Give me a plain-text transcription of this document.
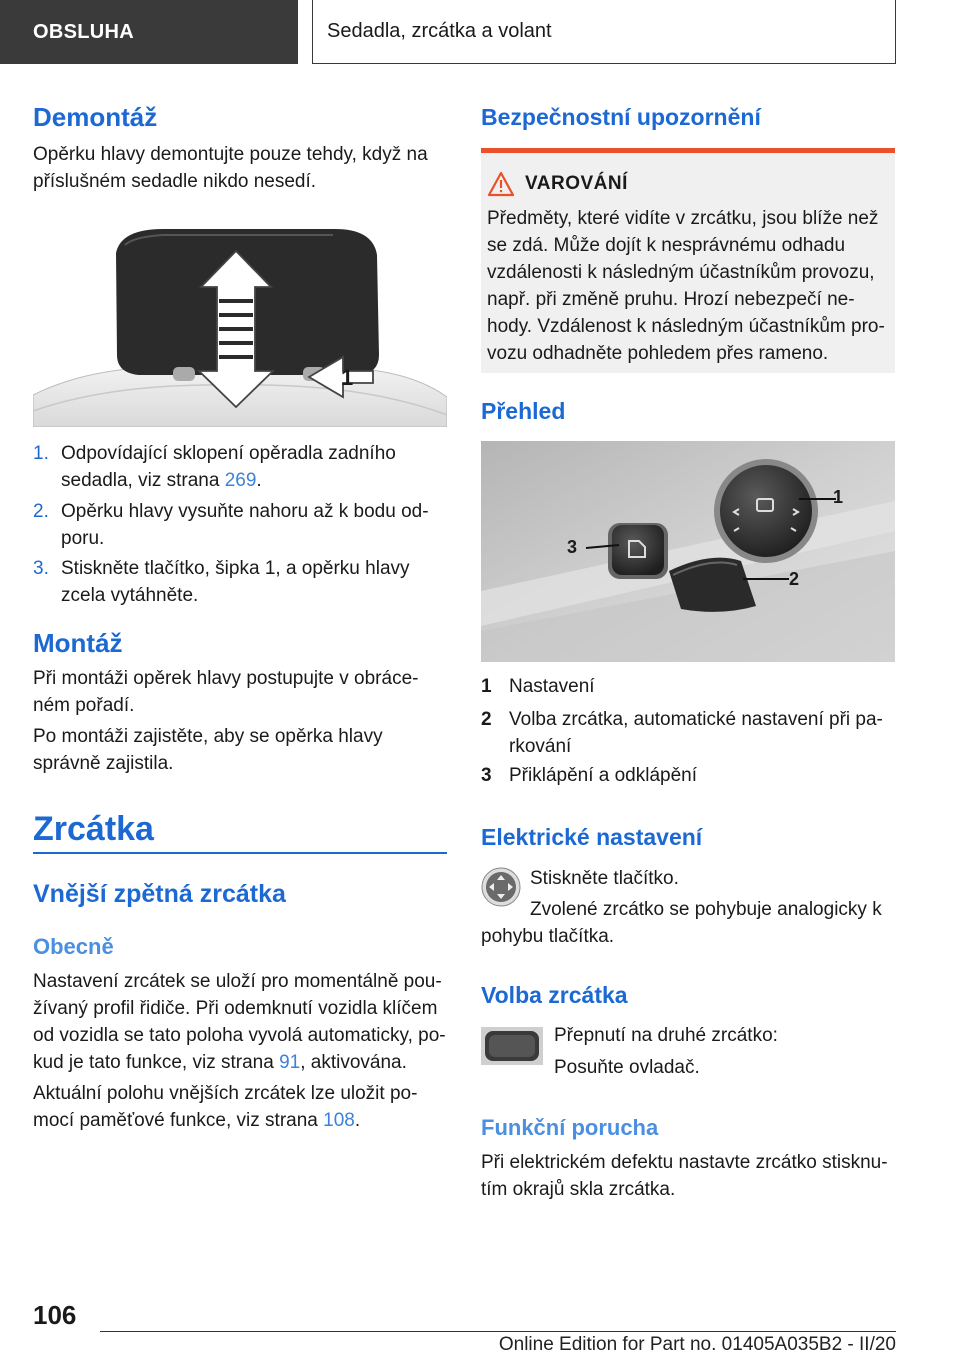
OBSLUHA	Sedadla, zrcátka a volant
Demontáž

Opěrku hlavy demontujte pouze tehdy, když na příslušném sedadle nikdo nesedí.

1
1. Odpovídající sklopení opěradla zadního sedadla, viz strana 269.
2. Opěrku hlavy vysuňte nahoru až k bodu odporu.
3. Stiskněte tlačítko, šipka 1, a opěrku hlavy zcela vytáhněte.
Montáž

Při montáži opěrek hlavy postupujte v obráceném pořadí.

Po montáži zajistěte, aby se opěrka hlavy správně zajistila.

Zrcátka
Vnější zpětná zrcátka
Obecně

Nastavení zrcátek se uloží pro momentálně používaný profil řidiče. Při odemknutí vozidla klíčem od vozidla se tato poloha vyvolá automaticky, pokud je tato funkce, viz strana 91, aktivována.

Aktuální polohu vnějších zrcátek lze uložit pomocí paměťové funkce, viz strana 108.

Bezpečnostní upozornění
VAROVÁNÍ

Předměty, které vidíte v zrcátku, jsou blíže než se zdá. Může dojít k nesprávnému odhadu vzdálenosti k následným účastníkům provozu, např. při změně pruhu. Hrozí nebezpečí nehody. Vzdálenost k následným účastníkům provozu odhadněte pohledem přes rameno.

Přehled
1
2
3
1 Nastavení
2 Volba zrcátka, automatické nastavení při parkování
3 Přiklápění a odklápění
Elektrické nastavení

Stiskněte tlačítko.

Zvolené zrcátko se pohybuje analogicky k pohybu tlačítka.

Volba zrcátka

Přepnutí na druhé zrcátko:

Posuňte ovladač.

Funkční porucha

Při elektrickém defektu nastavte zrcátko stisknutím okrajů skla zrcátka.

106
Online Edition for Part no. 01405A035B2 - II/20
